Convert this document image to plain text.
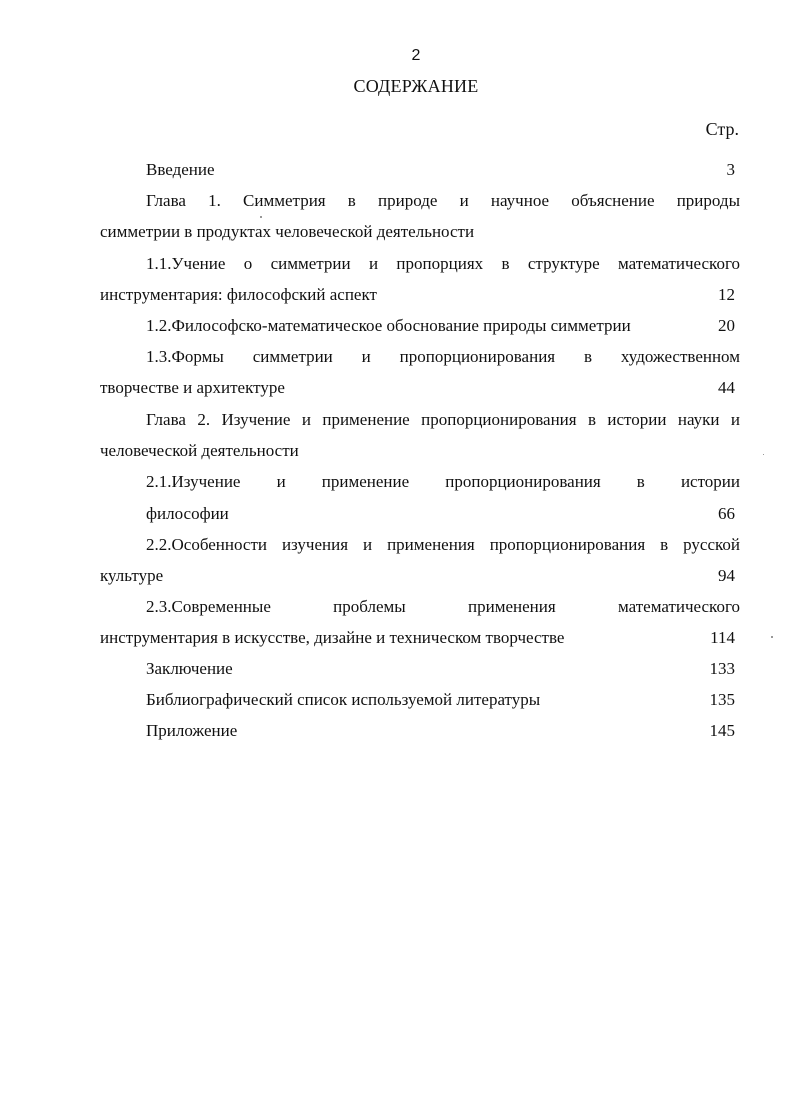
2
СОДЕРЖАНИЕ
Стр.
Введение	3
Глава 1. Симметрия в природе и научное объяснение природы
симметрии в продуктах человеческой деятельности
1.1.Учение о симметрии и пропорциях в структуре математического
инструментария: философский аспект	12
1.2.Философско-математическое обоснование природы симметрии	20
1.3.Формы симметрии и пропорционирования в художественном
творчестве и архитектуре	44
Глава 2. Изучение и применение пропорционирования в истории науки и
человеческой деятельности
2.1.Изучение и применение пропорционирования в истории
философии	66
2.2.Особенности изучения и применения пропорционирования в русской
культуре	94
2.3.Современные проблемы применения математического
инструментария в искусстве, дизайне и техническом творчестве	114
Заключение	133
Библиографический список используемой литературы	135
Приложение	145
